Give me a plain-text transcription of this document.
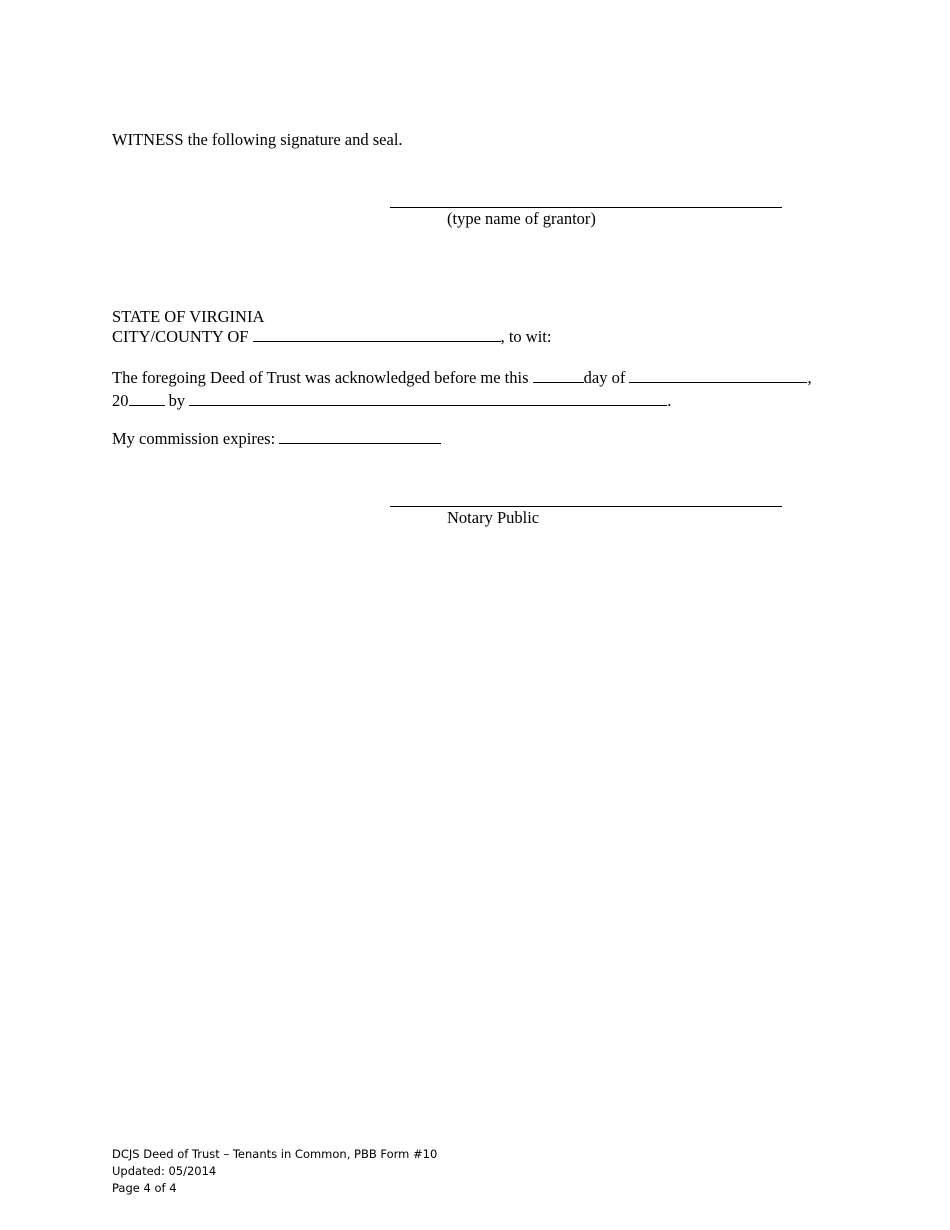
WITNESS the following signature and seal.
(type name of grantor)
STATE OF VIRGINIA
CITY/COUNTY OF	, to wit:
The foregoing Deed of Trust was acknowledged before me this	day of	,
20 by	.
My commission expires:
Notary Public
DCJS Deed of Trust – Tenants in Common, PBB Form #10
Updated: 05/2014
Page 4 of 4
